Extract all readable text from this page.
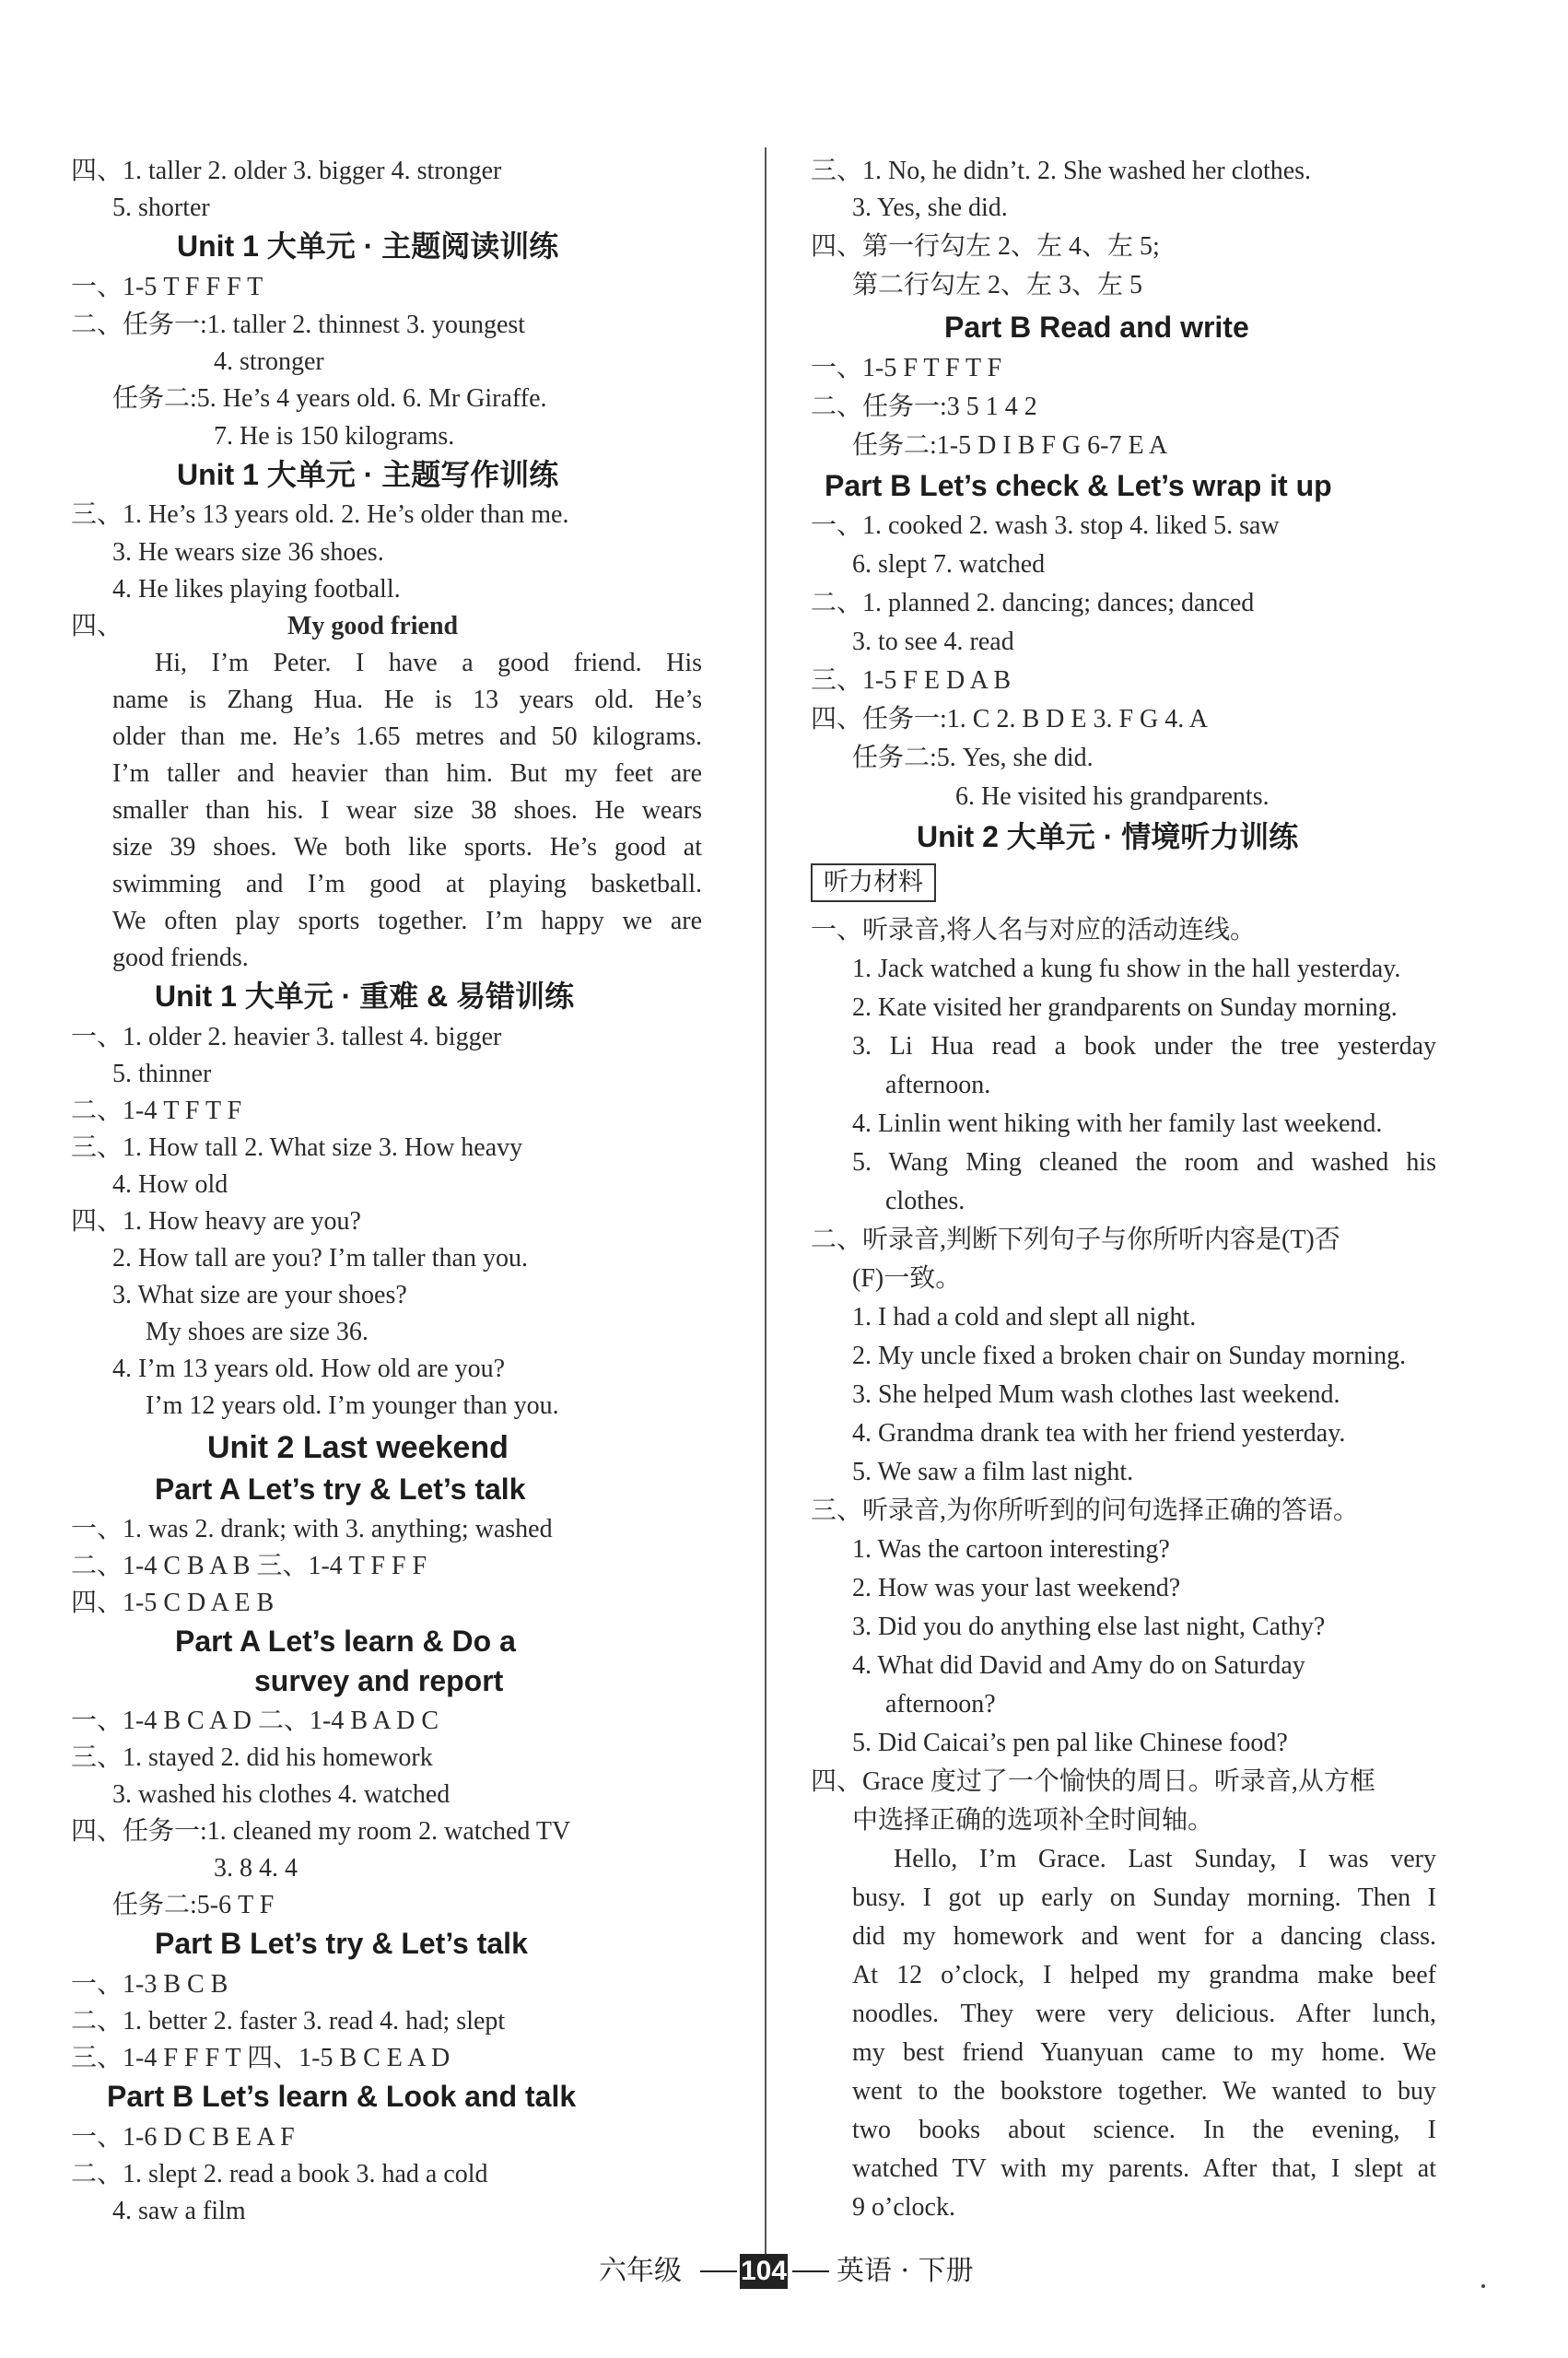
四、1. taller 2. older 3. bigger 4. stronger
5. shorter
Unit 1 大单元 · 主题阅读训练
一、1-5 T F F F T
二、任务一:1. taller 2. thinnest 3. youngest
4. stronger
任务二:5. He’s 4 years old. 6. Mr Giraffe.
7. He is 150 kilograms.
Unit 1 大单元 · 主题写作训练
三、1. He’s 13 years old. 2. He’s older than me.
3. He wears size 36 shoes.
4. He likes playing football.
四、	My good friend
Hi, I’m Peter. I have a good friend. His
name is Zhang Hua. He is 13 years old. He’s
older than me. He’s 1.65 metres and 50 kilograms.
I’m taller and heavier than him. But my feet are
smaller than his. I wear size 38 shoes. He wears
size 39 shoes. We both like sports. He’s good at
swimming and I’m good at playing basketball.
We often play sports together. I’m happy we are
good friends.
Unit 1 大单元 · 重难 & 易错训练
一、1. older 2. heavier 3. tallest 4. bigger
5. thinner
二、1-4 T F T F
三、1. How tall 2. What size 3. How heavy
4. How old
四、1. How heavy are you?
2. How tall are you? I’m taller than you.
3. What size are your shoes?
My shoes are size 36.
4. I’m 13 years old. How old are you?
I’m 12 years old. I’m younger than you.
Unit 2 Last weekend
Part A Let’s try & Let’s talk
一、1. was 2. drank; with 3. anything; washed
二、1-4 C B A B 三、1-4 T F F F
四、1-5 C D A E B
Part A Let’s learn & Do a
survey and report
一、1-4 B C A D 二、1-4 B A D C
三、1. stayed 2. did his homework
3. washed his clothes 4. watched
四、任务一:1. cleaned my room 2. watched TV
3. 8 4. 4
任务二:5-6 T F
Part B Let’s try & Let’s talk
一、1-3 B C B
二、1. better 2. faster 3. read 4. had; slept
三、1-4 F F F T 四、1-5 B C E A D
Part B Let’s learn & Look and talk
一、1-6 D C B E A F
二、1. slept 2. read a book 3. had a cold
4. saw a film
三、1. No, he didn’t. 2. She washed her clothes.
3. Yes, she did.
四、第一行勾左 2、左 4、左 5;
第二行勾左 2、左 3、左 5
Part B Read and write
一、1-5 F T F T F
二、任务一:3 5 1 4 2
任务二:1-5 D I B F G 6-7 E A
Part B Let’s check & Let’s wrap it up
一、1. cooked 2. wash 3. stop 4. liked 5. saw
6. slept 7. watched
二、1. planned 2. dancing; dances; danced
3. to see 4. read
三、1-5 F E D A B
四、任务一:1. C 2. B D E 3. F G 4. A
任务二:5. Yes, she did.
6. He visited his grandparents.
Unit 2 大单元 · 情境听力训练
听力材料
一、听录音,将人名与对应的活动连线。
1. Jack watched a kung fu show in the hall yesterday.
2. Kate visited her grandparents on Sunday morning.
3. Li Hua read a book under the tree yesterday
afternoon.
4. Linlin went hiking with her family last weekend.
5. Wang Ming cleaned the room and washed his
clothes.
二、听录音,判断下列句子与你所听内容是(T)否
(F)一致。
1. I had a cold and slept all night.
2. My uncle fixed a broken chair on Sunday morning.
3. She helped Mum wash clothes last weekend.
4. Grandma drank tea with her friend yesterday.
5. We saw a film last night.
三、听录音,为你所听到的问句选择正确的答语。
1. Was the cartoon interesting?
2. How was your last weekend?
3. Did you do anything else last night, Cathy?
4. What did David and Amy do on Saturday
afternoon?
5. Did Caicai’s pen pal like Chinese food?
四、Grace 度过了一个愉快的周日。听录音,从方框
中选择正确的选项补全时间轴。
Hello, I’m Grace. Last Sunday, I was very
busy. I got up early on Sunday morning. Then I
did my homework and went for a dancing class.
At 12 o’clock, I helped my grandma make beef
noodles. They were very delicious. After lunch,
my best friend Yuanyuan came to my home. We
went to the bookstore together. We wanted to buy
two books about science. In the evening, I
watched TV with my parents. After that, I slept at
9 o’clock.
六年级 104 英语 · 下册
